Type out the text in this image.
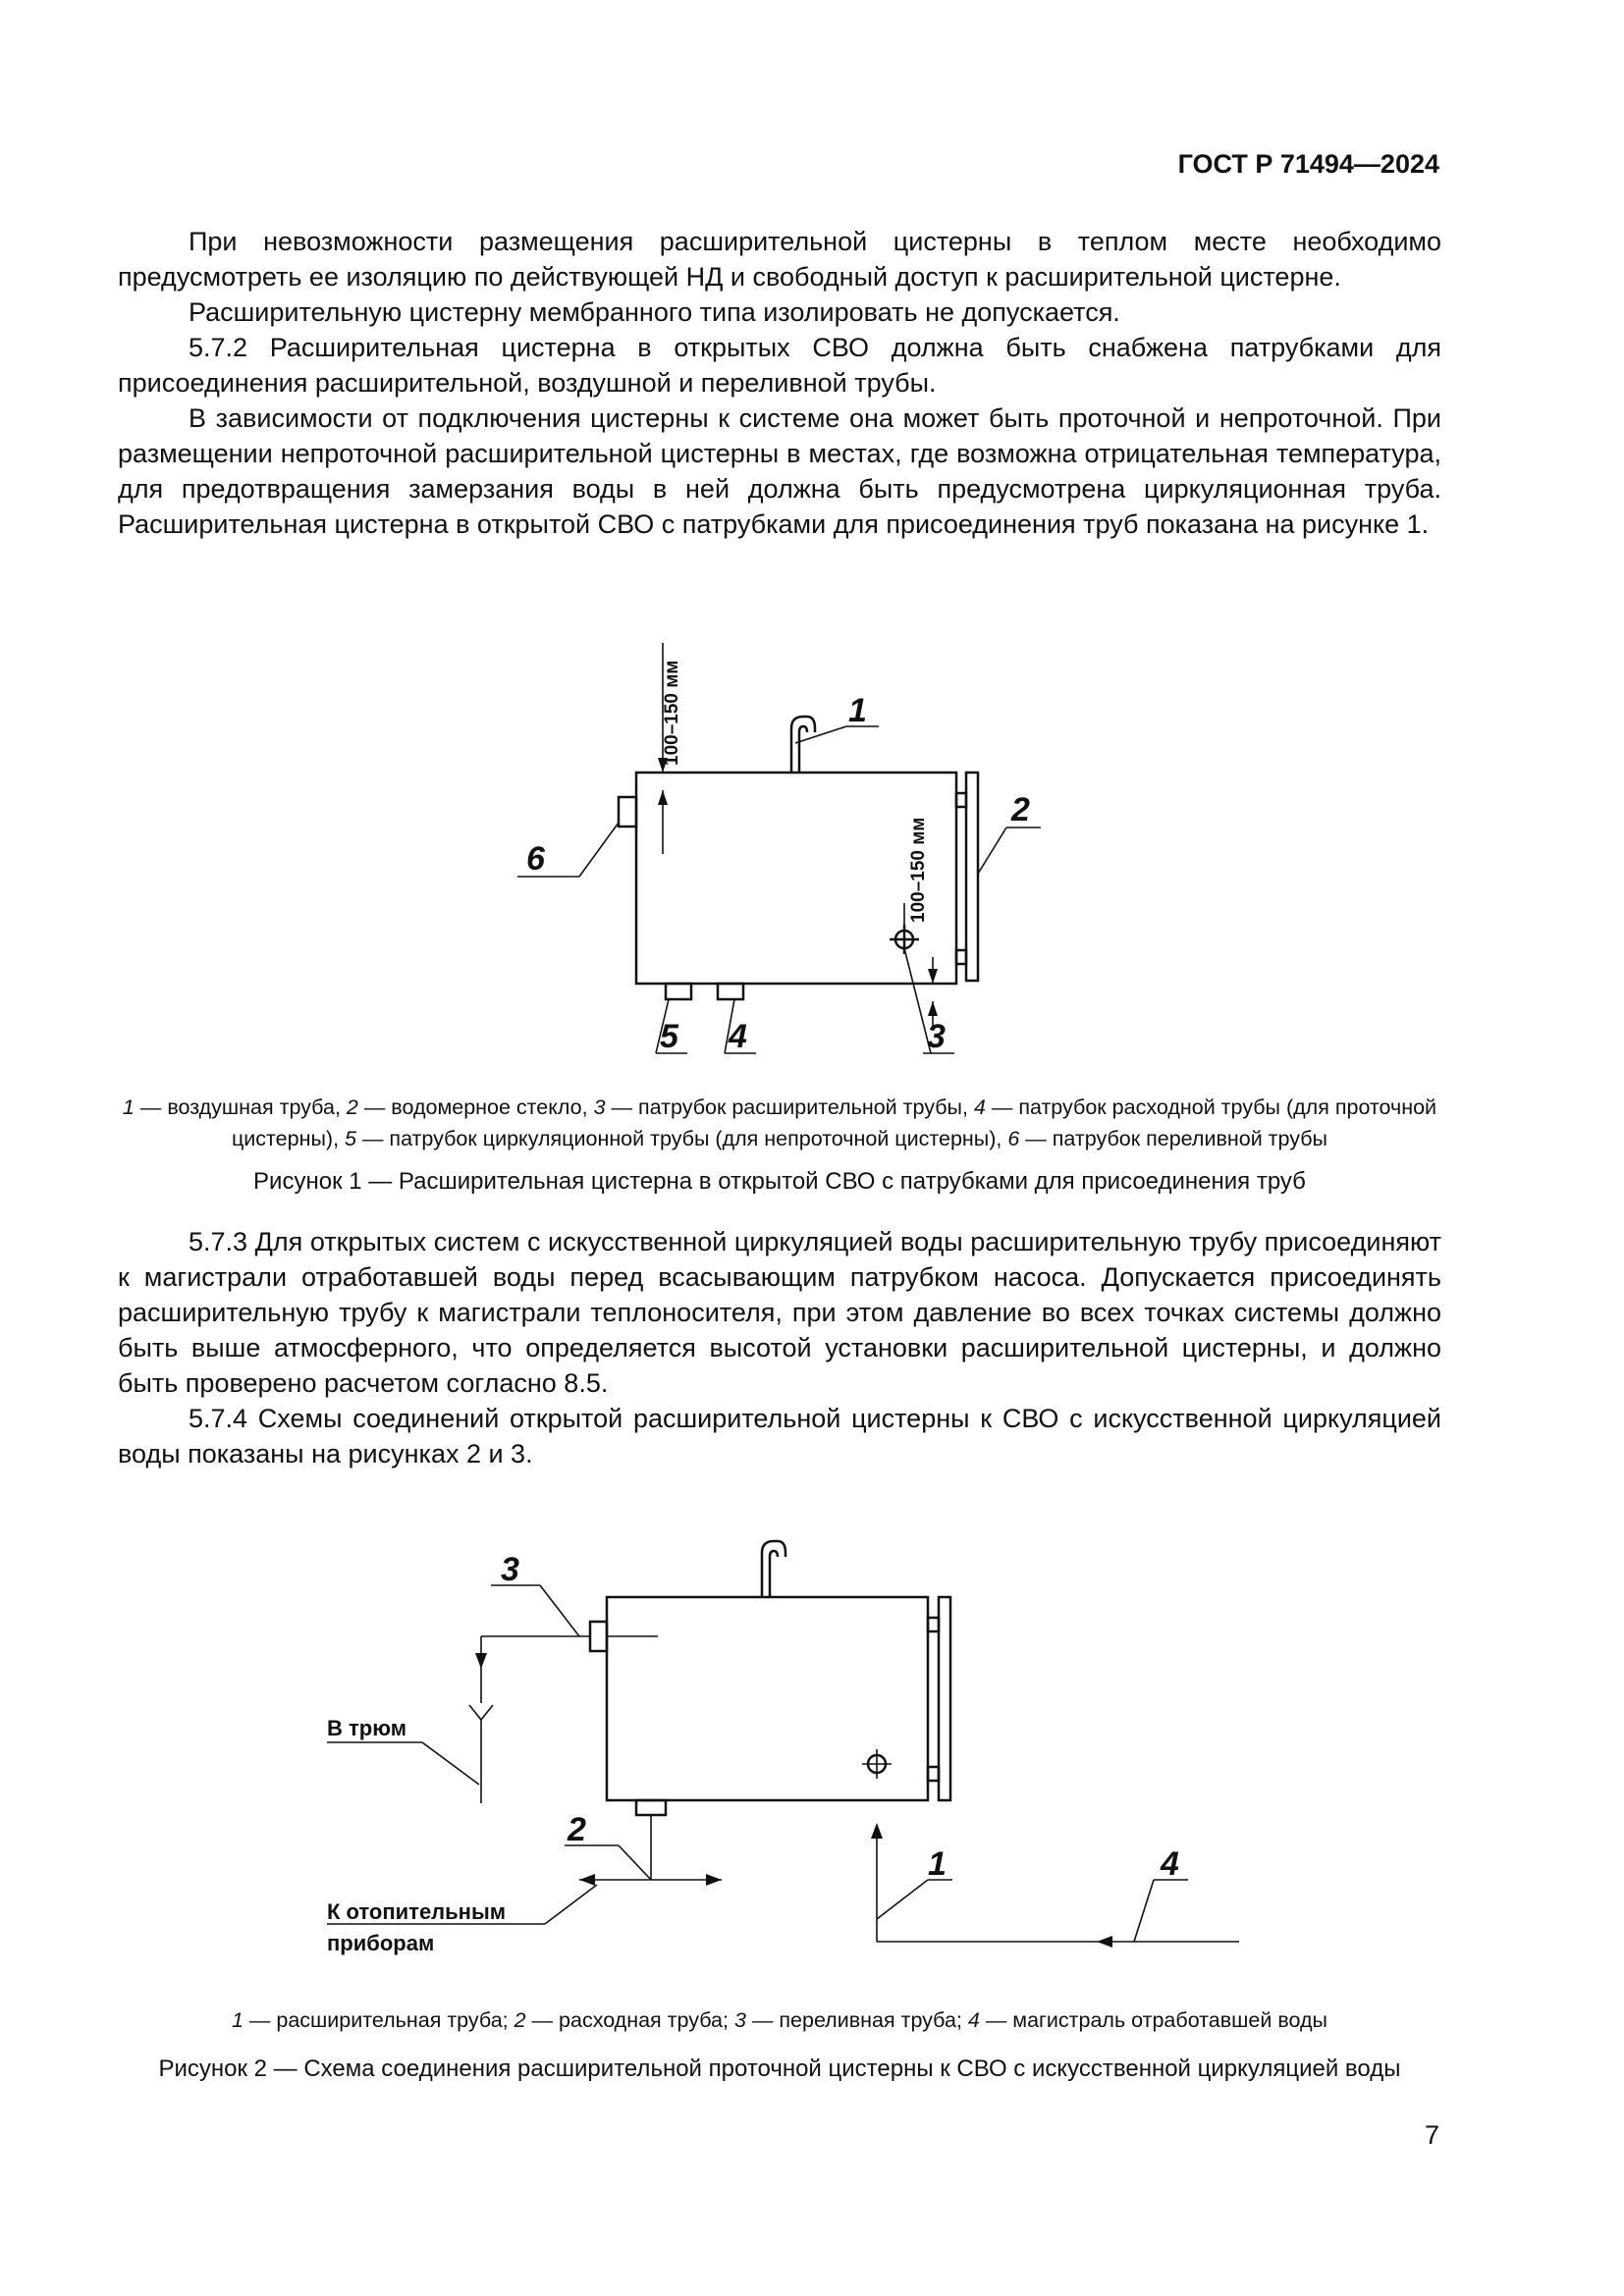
ГОСТ Р 71494—2024

При невозможности размещения расширительной цистерны в теплом месте необходимо предусмотреть ее изоляцию по действующей НД и свободный доступ к расширительной цистерне.

Расширительную цистерну мембранного типа изолировать не допускается.

5.7.2 Расширительная цистерна в открытых СВО должна быть снабжена патрубками для присоединения расширительной, воздушной и переливной трубы.

В зависимости от подключения цистерны к системе она может быть проточной и непроточной. При размещении непроточной расширительной цистерны в местах, где возможна отрицательная температура, для предотвращения замерзания воды в ней должна быть предусмотрена циркуляционная труба. Расширительная цистерна в открытой СВО с патрубками для присоединения труб показана на рисунке 1.

100–150 мм
100–150 мм
1
2
3
4
5
6
1 — воздушная труба, 2 — водомерное стекло, 3 — патрубок расширительной трубы, 4 — патрубок расходной трубы (для проточной цистерны), 5 — патрубок циркуляционной трубы (для непроточной цистерны), 6 — патрубок переливной трубы
Рисунок 1 — Расширительная цистерна в открытой СВО с патрубками для присоединения труб

5.7.3 Для открытых систем с искусственной циркуляцией воды расширительную трубу присоединяют к магистрали отработавшей воды перед всасывающим патрубком насоса. Допускается присоединять расширительную трубу к магистрали теплоносителя, при этом давление во всех точках системы должно быть выше атмосферного, что определяется высотой установки расширительной цистерны, и должно быть проверено расчетом согласно 8.5.

5.7.4 Схемы соединений открытой расширительной цистерны к СВО с искусственной циркуляцией воды показаны на рисунках 2 и 3.

3
2
1	4
В трюм
К отопительным
приборам
1 — расширительная труба; 2 — расходная труба; 3 — переливная труба; 4 — магистраль отработавшей воды
Рисунок 2 — Схема соединения расширительной проточной цистерны к СВО с искусственной циркуляцией воды
7
